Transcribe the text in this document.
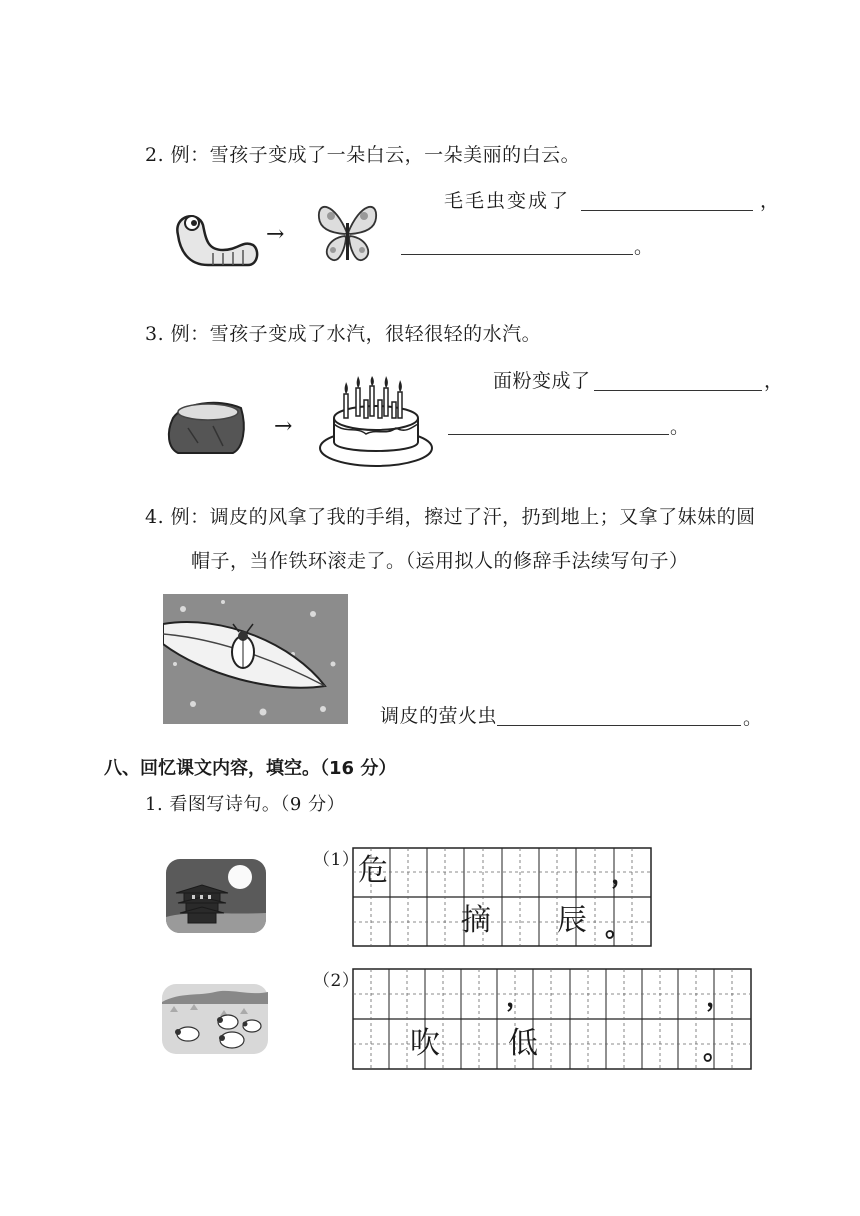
2. 例：雪孩子变成了一朵白云，一朵美丽的白云。
→
毛毛虫变成了	，
。
3. 例：雪孩子变成了水汽，很轻很轻的水汽。
→
面粉变成了	，
。
4. 例：调皮的风拿了我的手绢，擦过了汗，扔到地上；又拿了妹妹的圆
帽子，当作铁环滚走了。（运用拟人的修辞手法续写句子）
调皮的萤火虫	。
八、回忆课文内容，填空。（16 分）
1. 看图写诗句。（9 分）
（1）
危	，
摘 辰 。
（2）
，	，
吹 低	。
